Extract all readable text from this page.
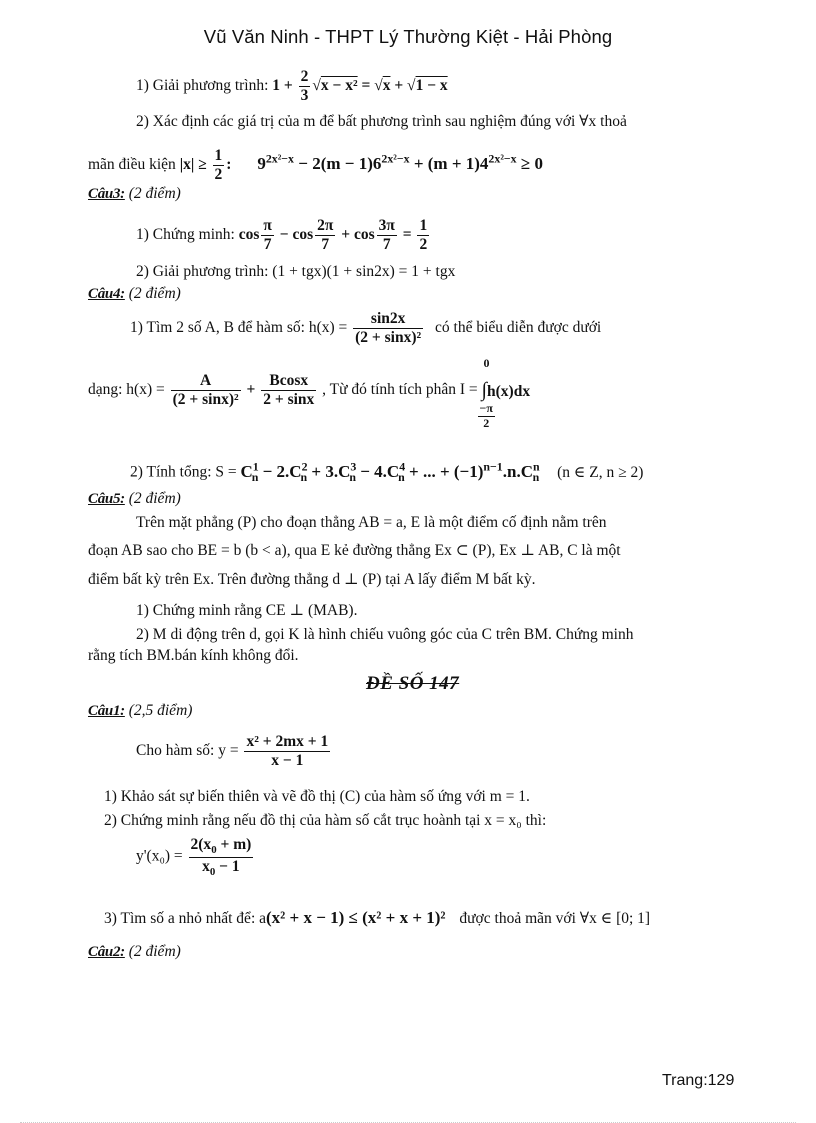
Vũ Văn Ninh - THPT Lý Thường Kiệt - Hải Phòng
1) Giải phương trình: $1 + \frac{2}{3} √x - x^2 = √x + √1 - x$
2) Xác định các giá trị của m để bất phương trình sau nghiệm đúng với ∀x thoả
mãn điều kiện $|x| \ge \frac{1}{2}$ : $9^{2x^2-x} - 2(m - 1)6^{2x^2-x} + (m + 1)4^{2x^2-x} \ge 0$
Câu3: (2 điểm)
1) Chứng minh: $\cos \frac{\pi}{7} - \cos \frac{2\pi}{7} + \cos \frac{3\pi}{7} = \frac{1}{2}$
2) Giải phương trình: (1 + tgx)(1 + sin2x) = 1 + tgx
Câu4: (2 điểm)
1) Tìm 2 số A, B để hàm số: $h(x) = \frac{\sin 2x}{\text{(2 + sinx)²}}$ có thể biểu diễn được dưới
dạng: $h(x) = \frac{A}{\text{(2 + sinx)²}} + \frac{Bcosx}{2 + \sin x}$ , Từ đó tính tích phân I =
0
∫h(x)dx
$\frac{-\pi}{2}$
2) Tính tổng: $S = C^1_n - 2.C^2_n + 3.C^3_n - 4.C^4_n$ + ... + $(-1)^{n-1}.n.C^n_n$ (n ∈ Z, n ≥ 2)
Câu5: (2 điểm)
Trên mặt phẳng (P) cho đoạn thẳng AB = a, E là một điểm cố định nằm trên
đoạn AB sao cho BE = b (b < a), qua E kẻ đường thẳng Ex ⊂ (P), Ex ⊥ AB, C là một
điểm bất kỳ trên Ex. Trên đường thẳng d ⊥ (P) tại A lấy điểm M bất kỳ.
1) Chứng minh rằng CE ⊥ (MAB).
2) M di động trên d, gọi K là hình chiếu vuông góc của C trên BM. Chứng minh
rằng tích BM.bán kính không đổi.
ĐỀ SỐ 147
Câu1: (2,5 điểm)
Cho hàm số: $y = \frac{\text{x² + 2mx + 1}}{x - 1}$
1) Khảo sát sự biến thiên và vẽ đồ thị (C) của hàm số ứng với m = 1.
2) Chứng minh rằng nếu đồ thị của hàm số cắt trục hoành tại x = x₀ thì:
$y'(x_0) = \frac{2(x_0 + m)}{x_0 - 1}$
3) Tìm số a nhỏ nhất để: a(x² + x − 1) ≤ (x² + x + 1)² được thoả mãn với ∀x ∈ [0; 1]
Câu2: (2 điểm)
Trang:129
